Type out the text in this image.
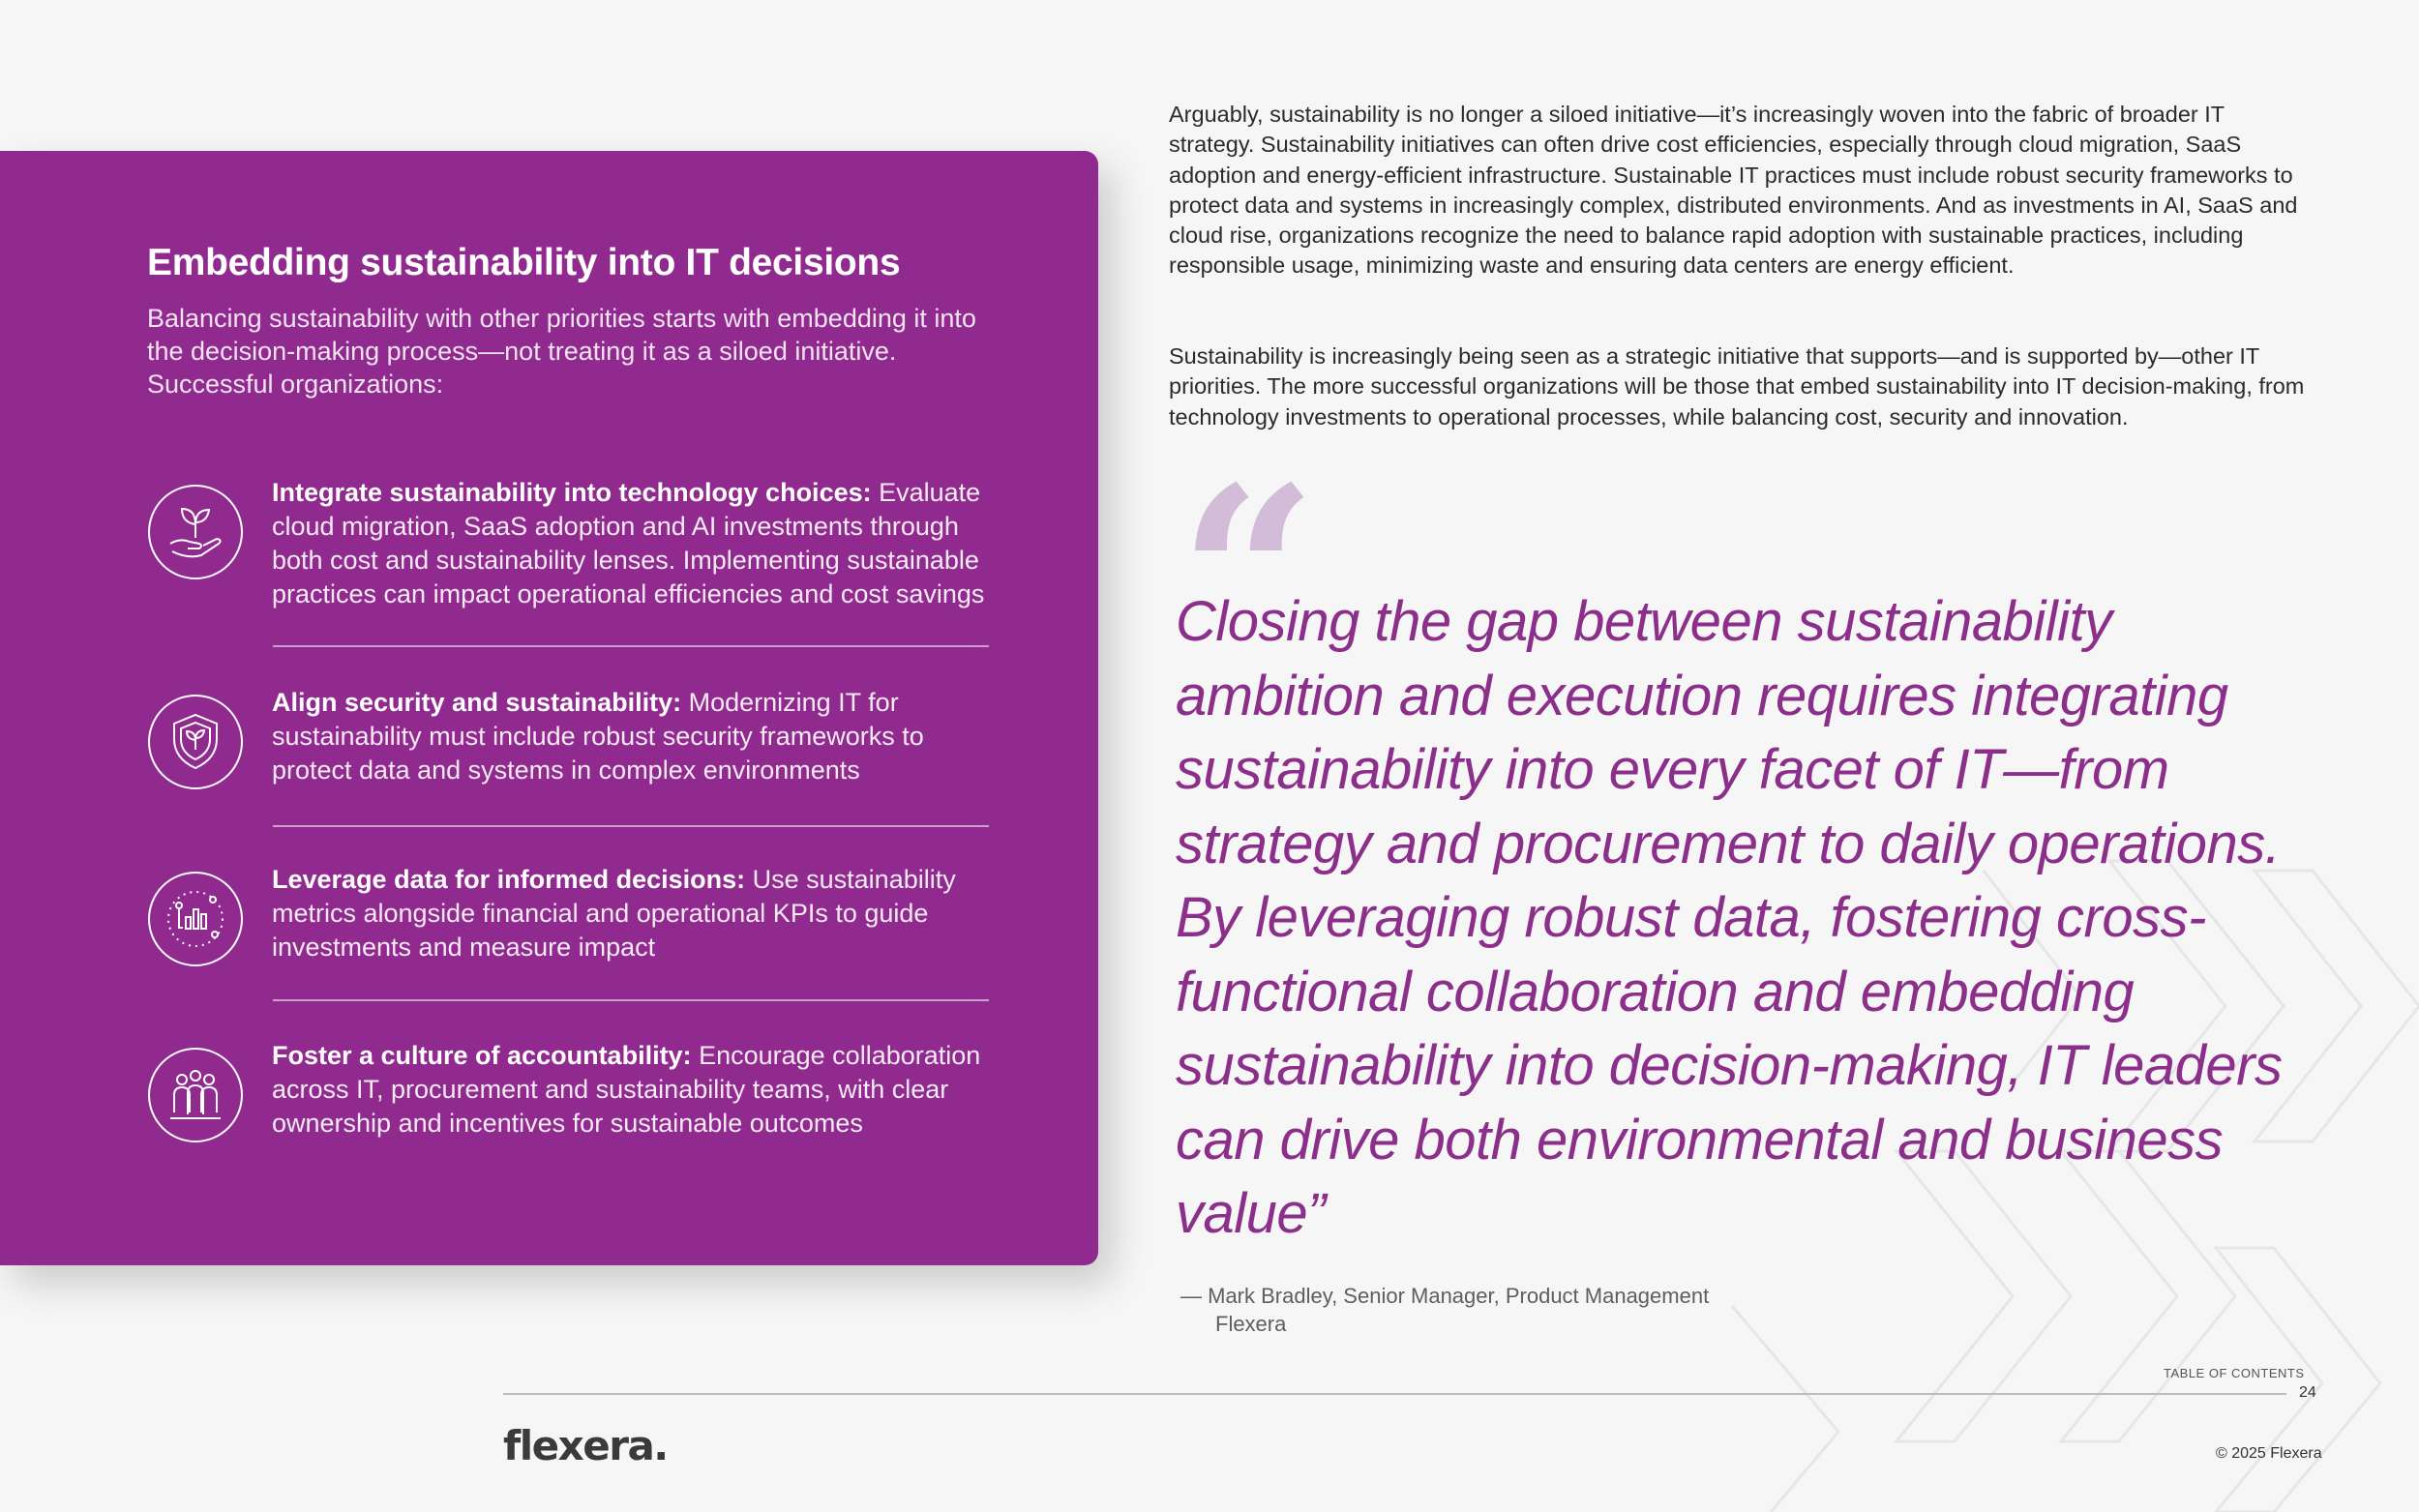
Embedding sustainability into IT decisions
Balancing sustainability with other priorities starts with embedding it into the decision-making process—not treating it as a siloed initiative. Successful organizations:
Integrate sustainability into technology choices: Evaluate cloud migration, SaaS adoption and AI investments through both cost and sustainability lenses. Implementing sustainable practices can impact operational efficiencies and cost savings
Align security and sustainability: Modernizing IT for sustainability must include robust security frameworks to protect data and systems in complex environments
Leverage data for informed decisions: Use sustainability metrics alongside financial and operational KPIs to guide investments and measure impact
Foster a culture of accountability: Encourage collaboration across IT, procurement and sustainability teams, with clear ownership and incentives for sustainable outcomes
Arguably, sustainability is no longer a siloed initiative—it’s increasingly woven into the fabric of broader IT strategy. Sustainability initiatives can often drive cost efficiencies, especially through cloud migration, SaaS adoption and energy-efficient infrastructure. Sustainable IT practices must include robust security frameworks to protect data and systems in increasingly complex, distributed environments. And as investments in AI, SaaS and cloud rise, organizations recognize the need to balance rapid adoption with sustainable practices, including responsible usage, minimizing waste and ensuring data centers are energy efficient.
Sustainability is increasingly being seen as a strategic initiative that supports—and is supported by—other IT priorities. The more successful organizations will be those that embed sustainability into IT decision-making, from technology investments to operational processes, while balancing cost, security and innovation.
“
Closing the gap between sustainability ambition and execution requires integrating sustainability into every facet of IT—from strategy and procurement to daily operations. By leveraging robust data, fostering cross-functional collaboration and embedding sustainability into decision-making, IT leaders can drive both environmental and business value”
— Mark Bradley, Senior Manager, Product Management
Flexera
TABLE OF CONTENTS
24
flexera.	© 2025 Flexera
